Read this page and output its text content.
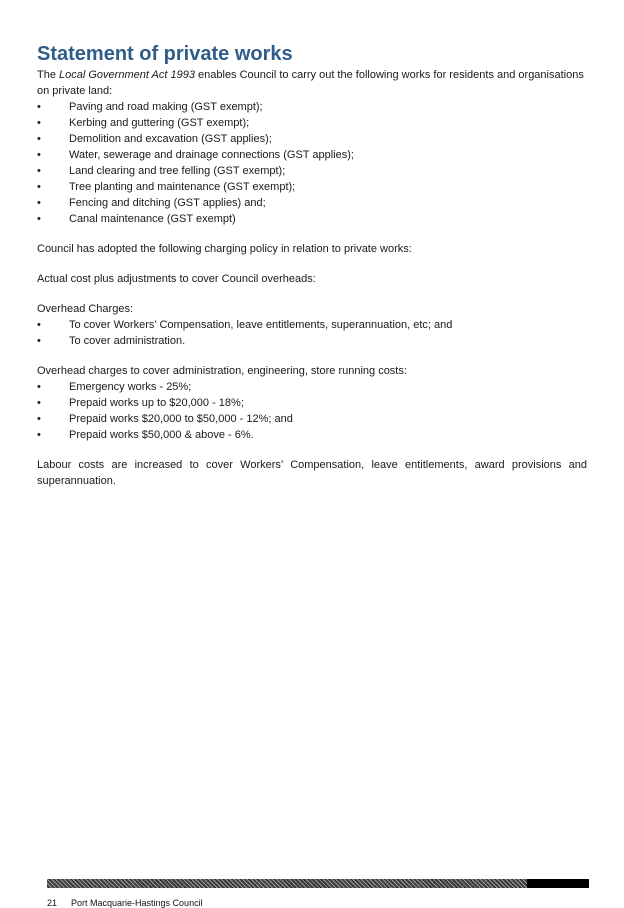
Statement of private works

The Local Government Act 1993 enables Council to carry out the following works for residents and organisations on private land:

•	Paving and road making (GST exempt);
•	Kerbing and guttering (GST exempt);
•	Demolition and excavation (GST applies);
•	Water, sewerage and drainage connections (GST applies);
•	Land clearing and tree felling (GST exempt);
•	Tree planting and maintenance (GST exempt);
•	Fencing and ditching (GST applies) and;
•	Canal maintenance (GST exempt)

Council has adopted the following charging policy in relation to private works:

Actual cost plus adjustments to cover Council overheads:

Overhead Charges:

•	To cover Workers’ Compensation, leave entitlements, superannuation, etc; and
•	To cover administration.

Overhead charges to cover administration, engineering, store running costs:

•	Emergency works - 25%;
•	Prepaid works up to $20,000 - 18%;
•	Prepaid works $20,000 to $50,000 - 12%; and
•	Prepaid works $50,000 & above - 6%.

Labour costs are increased to cover Workers’ Compensation, leave entitlements, award provisions and superannuation.

21 Port Macquarie-Hastings Council
